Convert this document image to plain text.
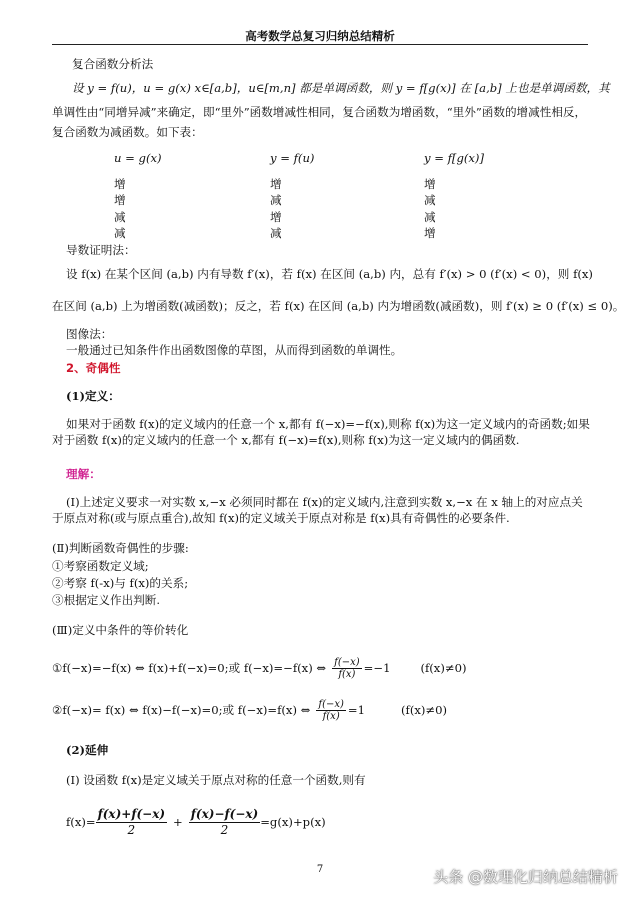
高考数学总复习归纳总结精析
复合函数分析法
设 y = f(u)，u = g(x) x∈[a,b]，u∈[m,n] 都是单调函数，则 y = f[g(x)] 在 [a,b] 上也是单调函数，其
单调性由“同增异减”来确定，即“里外”函数增减性相同，复合函数为增函数，“里外”函数的增减性相反，
复合函数为减函数。如下表：
u = g(x)	y = f(u)	y = f[g(x)]
增	增	增
增	减	减
减	增	减
减	减	增
导数证明法：
设 f(x) 在某个区间 (a,b) 内有导数 f′(x)，若 f(x) 在区间 (a,b) 内，总有 f′(x) > 0 (f′(x) < 0)，则 f(x)
在区间 (a,b) 上为增函数(减函数)；反之，若 f(x) 在区间 (a,b) 内为增函数(减函数)，则 f′(x) ≥ 0 (f′(x) ≤ 0)。
图像法：
一般通过已知条件作出函数图像的草图，从而得到函数的单调性。
2、奇偶性
(1)定义：
如果对于函数 f(x)的定义域内的任意一个 x,都有 f(−x)=−f(x),则称 f(x)为这一定义域内的奇函数;如果对于函数 f(x)的定义域内的任意一个 x,都有 f(−x)=f(x),则称 f(x)为这一定义域内的偶函数.
理解：
(Ⅰ)上述定义要求一对实数 x,−x 必须同时都在 f(x)的定义域内,注意到实数 x,−x 在 x 轴上的对应点关于原点对称(或与原点重合),故知 f(x)的定义域关于原点对称是 f(x)具有奇偶性的必要条件.
(Ⅱ)判断函数奇偶性的步骤:
①考察函数定义域;
②考察 f(-x)与 f(x)的关系;
③根据定义作出判断.
(Ⅲ)定义中条件的等价转化
①f(−x)=−f(x) ⇔ f(x)+f(−x)=0;或 f(−x)=−f(x) ⇔ $\frac{f(-x)}{f(x)} =-1$	(f(x)≠0)
②f(−x)= f(x) ⇔ f(x)−f(−x)=0;或 f(−x)=f(x) ⇔ $\frac{f(-x)}{f(x)} =1$	(f(x)≠0)
(2)延伸
(Ⅰ) 设函数 f(x)是定义域关于原点对称的任意一个函数,则有
$f(x)= \frac{f(x)+f(-x)}{2} + \frac{f(x)-f(-x)}{2} =g(x)+p(x)$
7	头条 @数理化归纳总结精析
